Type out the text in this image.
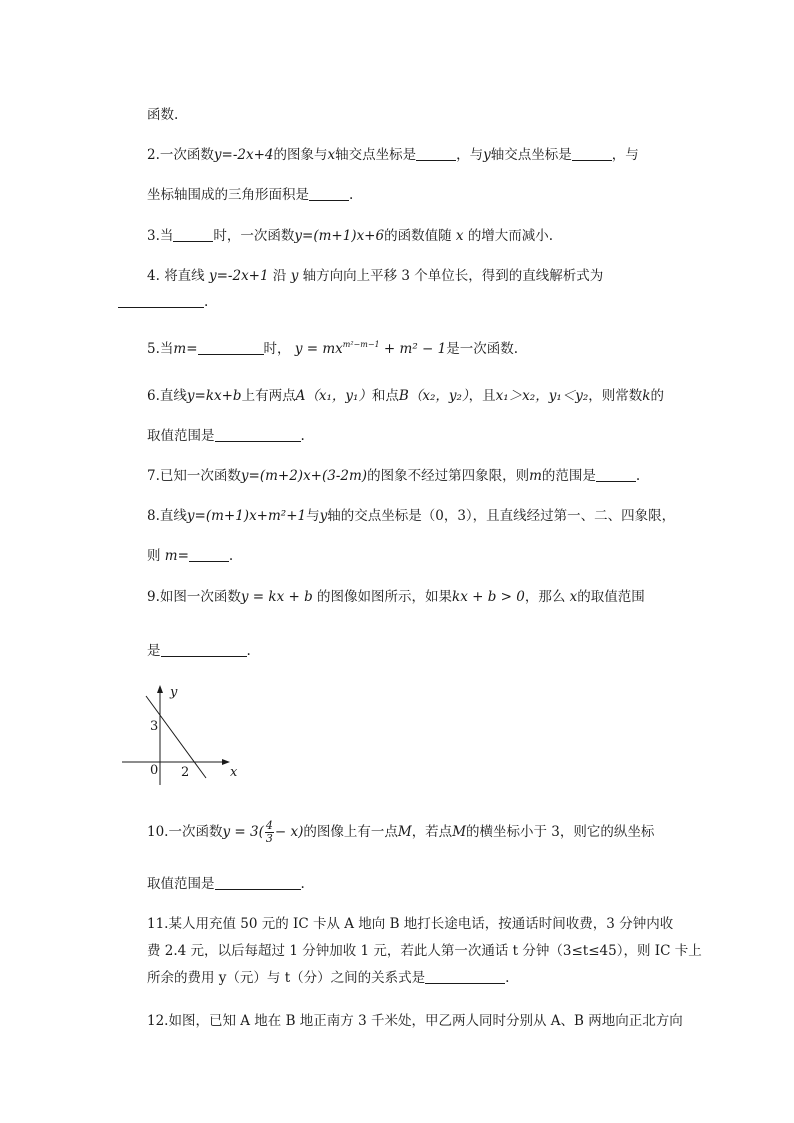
函数.
2.一次函数y=-2x+4的图象与x轴交点坐标是	，与y轴交点坐标是	，与
坐标轴围成的三角形面积是	.
3.当	时，一次函数y=(m+1)x+6的函数值随 x 的增大而减小.
4. 将直线 y=-2x+1 沿 y 轴方向向上平移 3 个单位长，得到的直线解析式为
.
5.当m=	时， $y = mx^{m^2-m-1} + m^2 - 1$是一次函数.
6.直线y=kx+b上有两点A（x₁，y₁）和点B（x₂，y₂），且x₁＞x₂，y₁＜y₂，则常数k的
取值范围是	.
7.已知一次函数y=(m+2)x+(3-2m)的图象不经过第四象限，则m的范围是	.
8.直线y=(m+1)x+m²+1与y轴的交点坐标是（0，3），且直线经过第一、二、四象限，
则 m=	.
9.如图一次函数y = kx + b 的图像如图所示，如果kx + b > 0，那么 x的取值范围
是	.
y
x
3
2
0
10.一次函数$y = 3( \frac{4}{3} - x)$的图像上有一点M，若点M的横坐标小于 3，则它的纵坐标
取值范围是	.
11.某人用充值 50 元的 IC 卡从 A 地向 B 地打长途电话，按通话时间收费，3 分钟内收
费 2.4 元，以后每超过 1 分钟加收 1 元，若此人第一次通话 t 分钟（3≤t≤45），则 IC 卡上
所余的费用 y（元）与 t（分）之间的关系式是	.
12.如图，已知 A 地在 B 地正南方 3 千米处，甲乙两人同时分别从 A、B 两地向正北方向
